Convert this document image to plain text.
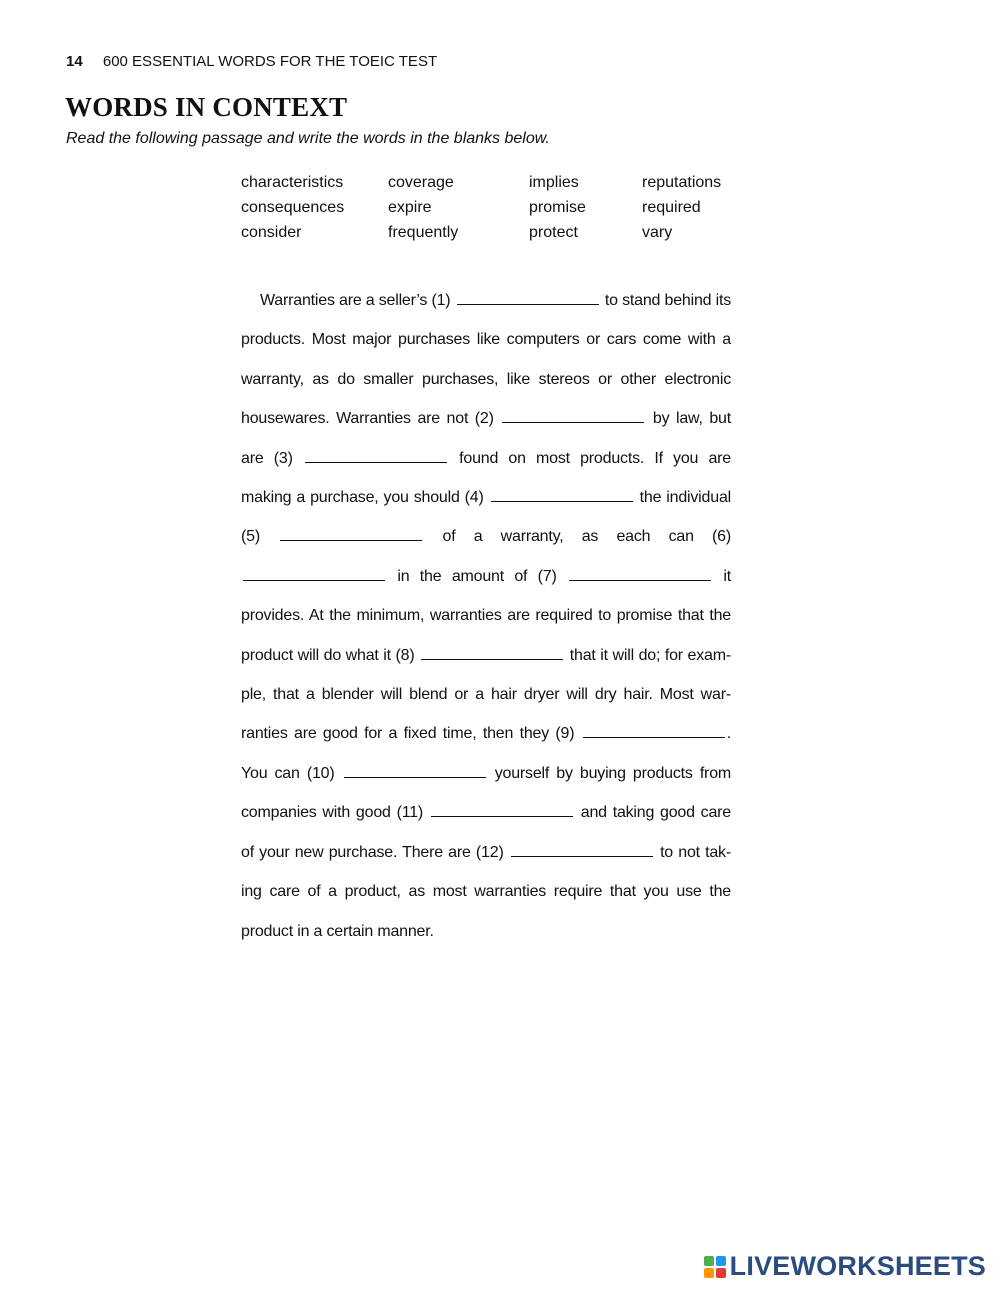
14 600 ESSENTIAL WORDS FOR THE TOEIC TEST
WORDS IN CONTEXT
Read the following passage and write the words in the blanks below.
characteristics	coverage	implies	reputations
consequences	expire	promise	required
consider	frequently	protect	vary
Warranties are a seller’s (1)	to stand behind its products. Most major purchases like computers or cars come with a warranty, as do smaller purchases, like stereos or other electronic housewares. Warranties are not (2)	by law, but are (3)	found on most products. If you are making a purchase, you should (4)	the individual (5)	of a warranty, as each can (6)  in the amount of (7)	it provides. At the minimum, warranties are required to promise that the product will do what it (8)	that it will do; for exam- ple, that a blender will blend or a hair dryer will dry hair. Most war- ranties are good for a fixed time, then they (9)	. You can (10)	yourself by buying products from companies with good (11)	and taking good care of your new purchase. There are (12)	to not tak- ing care of a product, as most warranties require that you use the product in a certain manner.
LIVEWORKSHEETS
